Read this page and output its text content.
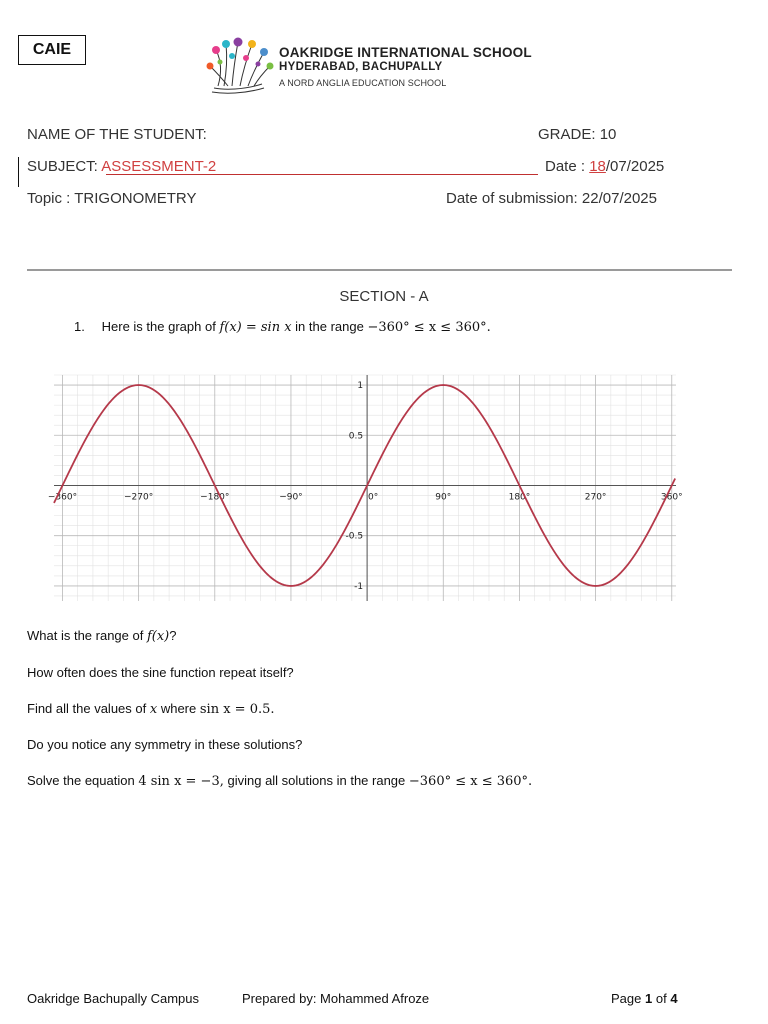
CAIE	OAKRIDGE INTERNATIONAL SCHOOL
HYDERABAD, BACHUPALLY
A NORD ANGLIA EDUCATION SCHOOL
NAME OF THE STUDENT:	GRADE: 10
SUBJECT: ASSESSMENT-2	Date : 18/07/2025
Topic : TRIGONOMETRY	Date of submission: 22/07/2025
SECTION - A
1. Here is the graph of f(x) = sin x in the range −360° ≤ x ≤ 360°.
−360°	−270°	−180°	−90°	0°	90°	180°	270°	360°
1
0.5
-0.5
-1
What is the range of f(x)?
How often does the sine function repeat itself?
Find all the values of x where sin x = 0.5.
Do you notice any symmetry in these solutions?
Solve the equation 4 sin x = −3, giving all solutions in the range −360° ≤ x ≤ 360°.
Oakridge Bachupally Campus	Prepared by: Mohammed Afroze	Page 1 of 4
